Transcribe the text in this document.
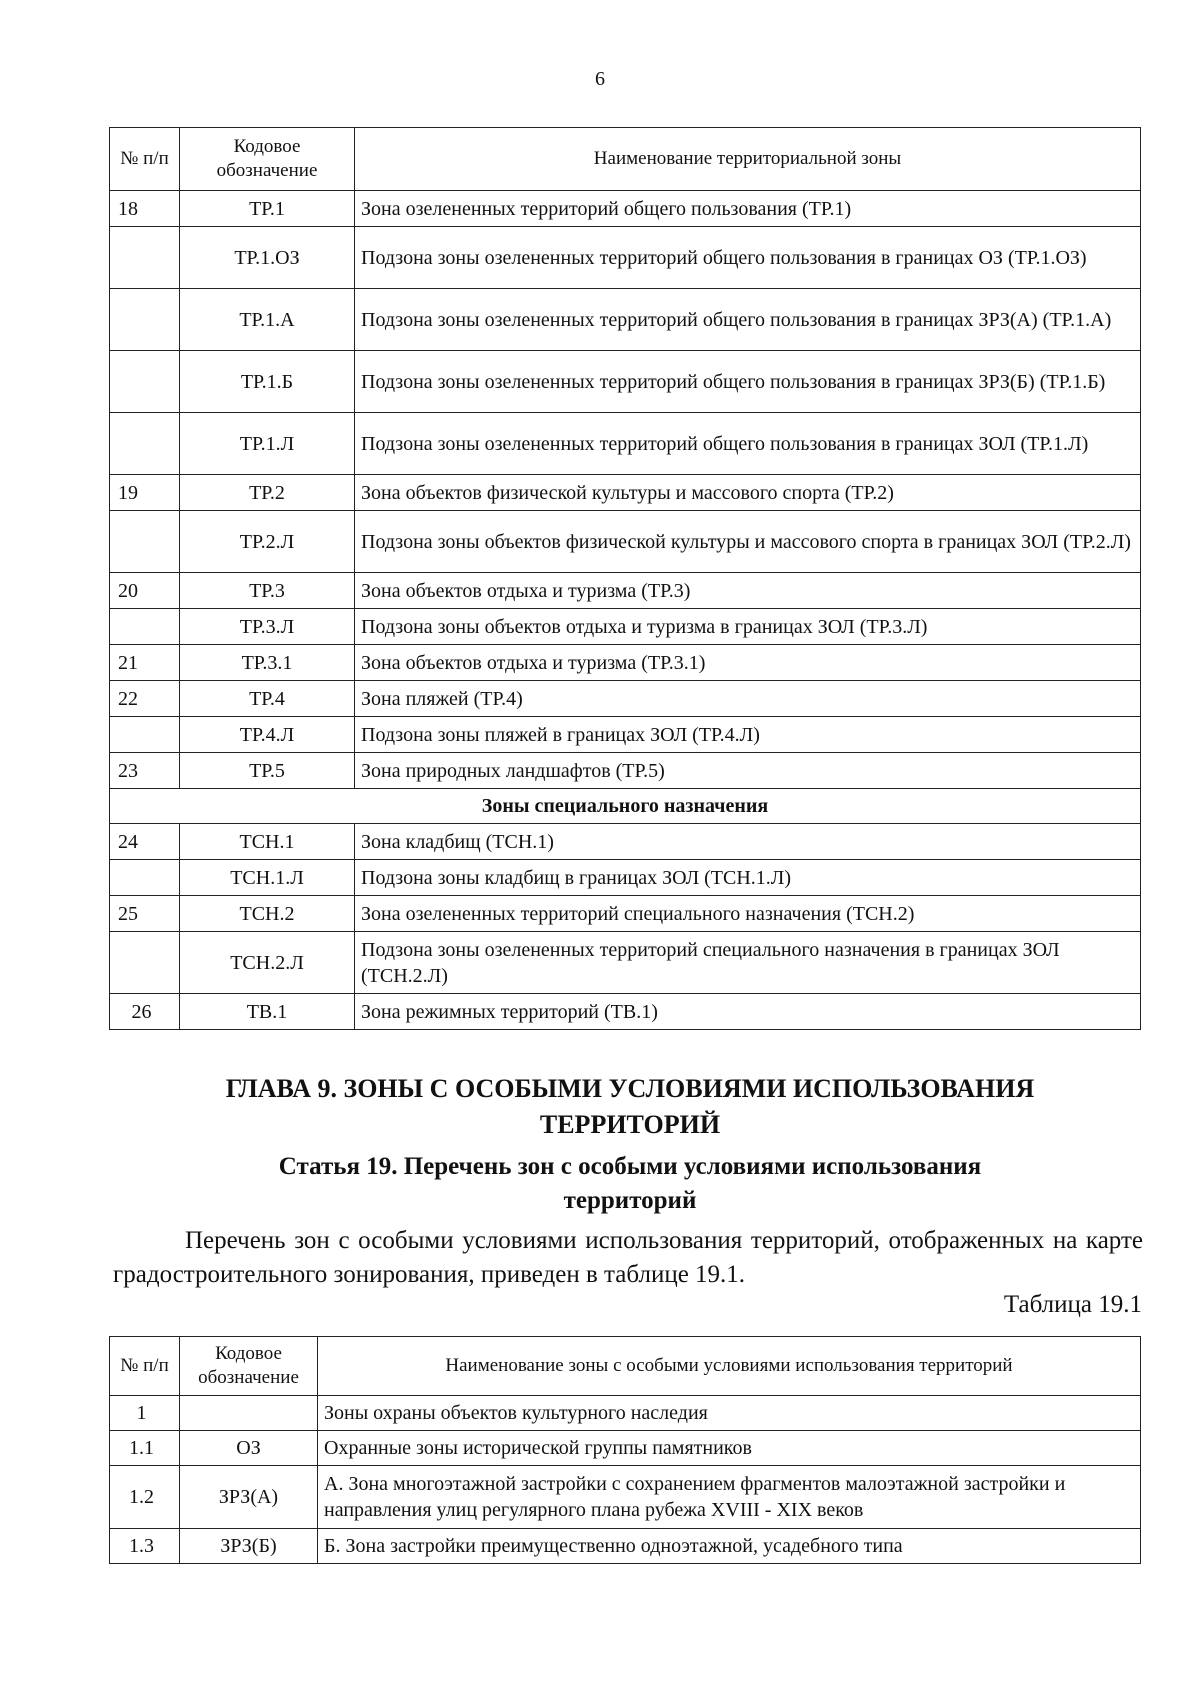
6
№ п/п	Кодовое обозначение	Наименование территориальной зоны
18	ТР.1	Зона озелененных территорий общего пользования (ТР.1)
	ТР.1.ОЗ	Подзона зоны озелененных территорий общего пользования в границах ОЗ (ТР.1.ОЗ)
	ТР.1.А	Подзона зоны озелененных территорий общего пользования в границах ЗРЗ(А) (ТР.1.А)
	ТР.1.Б	Подзона зоны озелененных территорий общего пользования в границах ЗРЗ(Б) (ТР.1.Б)
	ТР.1.Л	Подзона зоны озелененных территорий общего пользования в границах ЗОЛ (ТР.1.Л)
19	ТР.2	Зона объектов физической культуры и массового спорта (ТР.2)
	ТР.2.Л	Подзона зоны объектов физической культуры и массового спорта в границах ЗОЛ (ТР.2.Л)
20	ТР.3	Зона объектов отдыха и туризма (ТР.3)
	ТР.3.Л	Подзона зоны объектов отдыха и туризма в границах ЗОЛ (ТР.3.Л)
21	ТР.3.1	Зона объектов отдыха и туризма (ТР.3.1)
22	ТР.4	Зона пляжей (ТР.4)
	ТР.4.Л	Подзона зоны пляжей в границах ЗОЛ (ТР.4.Л)
23	ТР.5	Зона природных ландшафтов (ТР.5)
Зоны специального назначения		
24	ТСН.1	Зона кладбищ (ТСН.1)
	ТСН.1.Л	Подзона зоны кладбищ в границах ЗОЛ (ТСН.1.Л)
25	ТСН.2	Зона озелененных территорий специального назначения (ТСН.2)
	ТСН.2.Л	Подзона зоны озелененных территорий специального назначения в границах ЗОЛ (ТСН.2.Л)
26	ТВ.1	Зона режимных территорий (ТВ.1)
ГЛАВА 9. ЗОНЫ С ОСОБЫМИ УСЛОВИЯМИ ИСПОЛЬЗОВАНИЯ ТЕРРИТОРИЙ
Статья 19. Перечень зон с особыми условиями использования территорий
Перечень зон с особыми условиями использования территорий, отображенных на карте градостроительного зонирования, приведен в таблице 19.1.
Таблица 19.1
№ п/п	Кодовое обозначение	Наименование зоны с особыми условиями использования территорий
1		Зоны охраны объектов культурного наследия
1.1	ОЗ	Охранные зоны исторической группы памятников
1.2	ЗРЗ(А)	А. Зона многоэтажной застройки с сохранением фрагментов малоэтажной застройки и направления улиц регулярного плана рубежа XVIII - XIX веков
1.3	ЗРЗ(Б)	Б. Зона застройки преимущественно одноэтажной, усадебного типа
